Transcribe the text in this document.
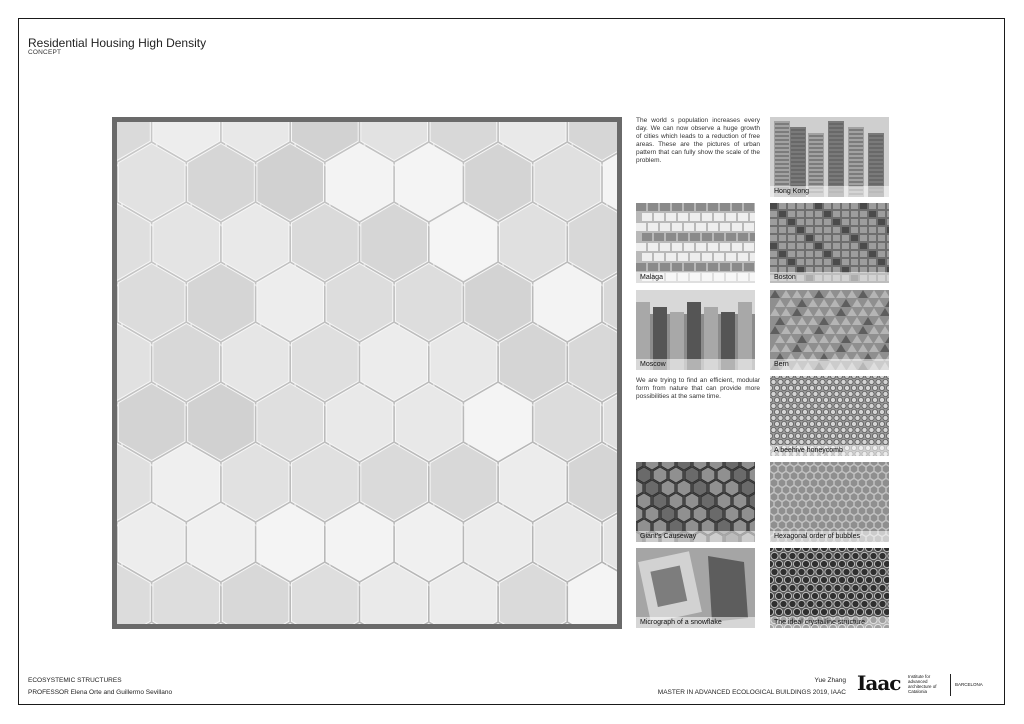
Residential Housing High Density
CONCEPT
The world s population increases every day. We can now observe a huge growth of cities which leads to a reduction of free areas. These are the pictures of urban pattern that can fully show the scale of the problem.
We are trying to find an efficient, modular form from nature that can provide more possibilities at the same time.
Hong Kong
Malaga	Boston
Moscow	Bern
A beehive honeycomb
Giant's Causeway	Hexagonal order of bubbles
Micrograph of a snowflake	The ideal crystalline structure
ECOSYSTEMIC STRUCTURES
PROFESSOR Elena Orte and Guillermo Sevillano
Yue Zhang
MASTER IN ADVANCED ECOLOGICAL BUILDINGS 2019, IAAC Iaac Institute for advanced architecture of Catalonia
BARCELONA
